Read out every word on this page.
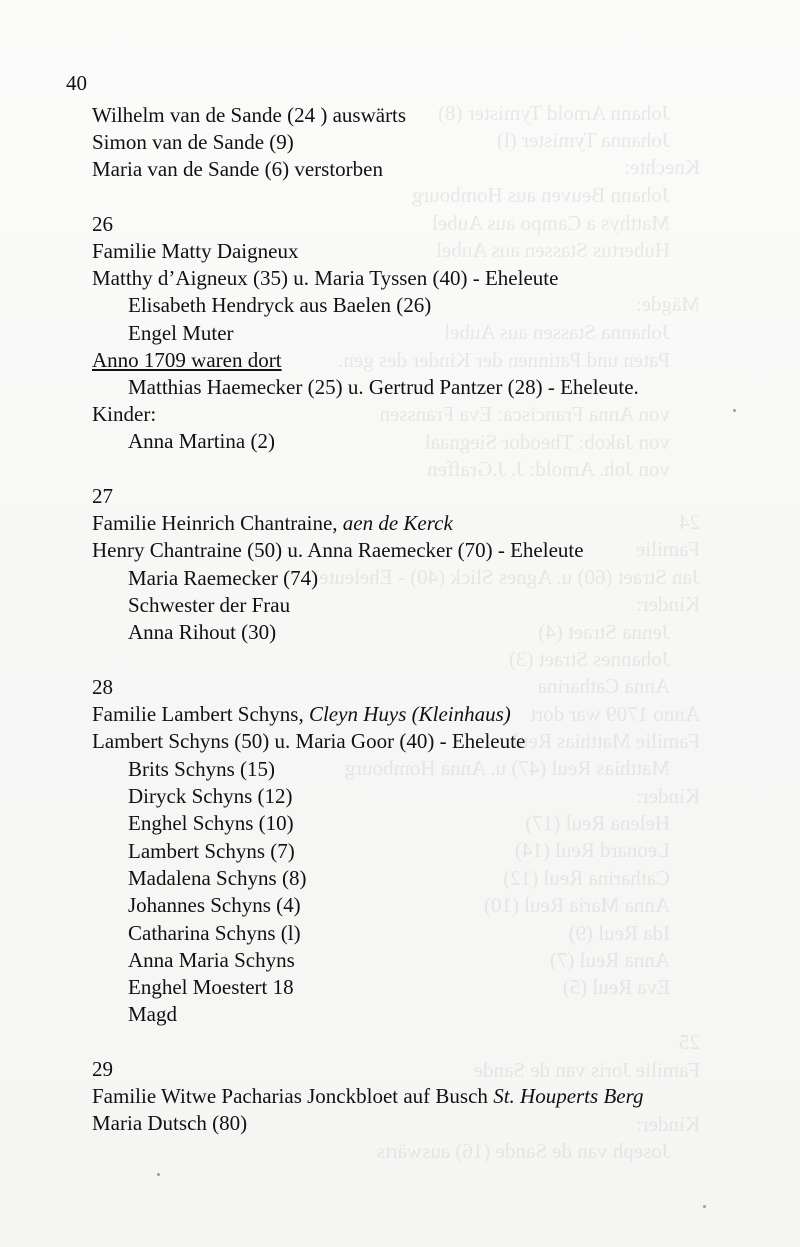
Johann Arnold Tymister (8)
Johanna Tymister (l)
Knechte:
Johann Beuven aus Hombourg
Matthys a Campo aus Aubel
Hubertus Stassen aus Aubel
Mägde:
Johanna Stassen aus Aubel
Paten und Patinnen der Kinder des gen.
von Anna Francisca: Eva Franssen
von Jakob: Theodor Siegnaal
von Joh. Arnold: J. J.Graffen
24
Familie
Jan Straet (60) u. Agnes Slick (40) - Eheleute
Kinder:
Jenna Straet (4)
Johannes Straet (3)
Anna Catharina
Anno 1709 war dort
Familie Matthias Reul
Matthias Reul (47) u. Anna Hombourg
Kinder:
Helena Reul (17)
Leonard Reul (14)
Catharina Reul (12)
Anna Maria Reul (10)
Ida Reul (9)
Anna Reul (7)
Eva Reul (5)
25
Familie Joris van de Sande
Kinder:
Joseph van de Sande (16) auswärts
40
Wilhelm van de Sande (24 ) auswärts
Simon van de Sande (9)
Maria van de Sande (6) verstorben
26
Familie Matty Daigneux
Matthy d’Aigneux (35) u. Maria Tyssen (40) - Eheleute
Elisabeth Hendryck aus Baelen (26)
Engel Muter
Anno 1709 waren dort
Matthias Haemecker (25) u. Gertrud Pantzer (28) - Eheleute.
Kinder:
Anna Martina (2)
27
Familie Heinrich Chantraine, aen de Kerck
Henry Chantraine (50) u. Anna Raemecker (70) - Eheleute
Maria Raemecker (74)
Schwester der Frau
Anna Rihout (30)
28
Familie Lambert Schyns, Cleyn Huys (Kleinhaus)
Lambert Schyns (50) u. Maria Goor (40) - Eheleute
Brits Schyns (15)
Diryck Schyns (12)
Enghel Schyns (10)
Lambert Schyns (7)
Madalena Schyns (8)
Johannes Schyns (4)
Catharina Schyns (l)
Anna Maria Schyns
Enghel Moestert 18
Magd
29
Familie Witwe Pacharias Jonckbloet auf Busch St. Houperts Berg
Maria Dutsch (80)
